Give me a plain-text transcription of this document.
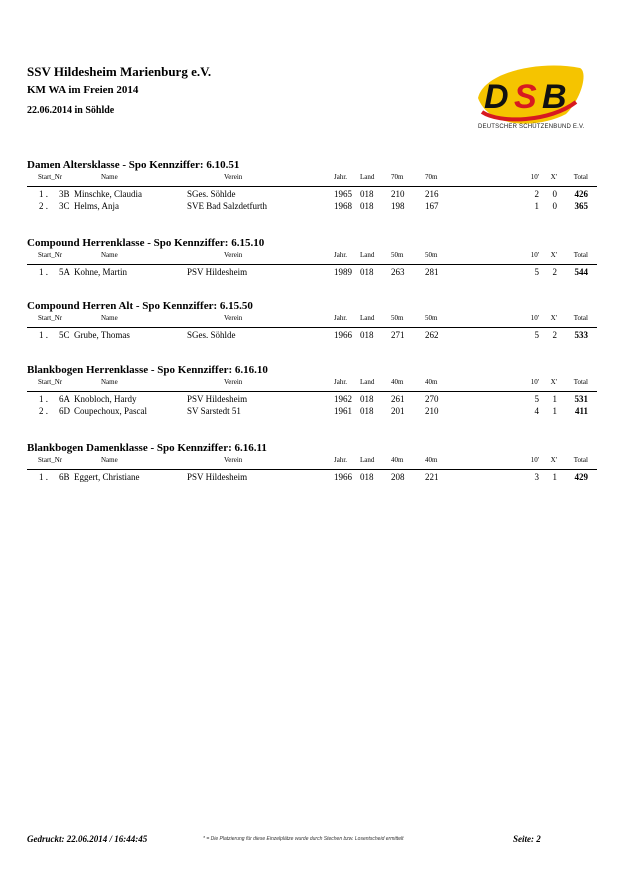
SSV Hildesheim Marienburg e.V.
KM WA im Freien 2014
22.06.2014 in Söhlde	D S B
DEUTSCHER SCHÜTZENBUND E.V.
Damen Altersklasse - Spo Kennziffer: 6.10.51
Start_Nr	Name	Verein	Jahr. Land 70m	70m	10' X' Total
1 . 3B Minschke, Claudia	SGes. Söhlde	1965 018 210 216	2 0 426
2 . 3C Helms, Anja	SVE Bad Salzdetfurth	1968 018 198 167	1 0 365
Compound Herrenklasse - Spo Kennziffer: 6.15.10
Start_Nr	Name	Verein	Jahr. Land 50m	50m	10' X' Total
1 . 5A Kohne, Martin	PSV Hildesheim	1989 018 263 281	5 2 544
Compound Herren Alt - Spo Kennziffer: 6.15.50
Start_Nr	Name	Verein	Jahr. Land 50m	50m	10' X' Total
1 . 5C Grube, Thomas	SGes. Söhlde	1966 018 271 262	5 2 533
Blankbogen Herrenklasse - Spo Kennziffer: 6.16.10
Start_Nr	Name	Verein	Jahr. Land 40m	40m	10' X' Total
1 . 6A Knobloch, Hardy	PSV Hildesheim	1962 018 261 270	5 1 531
2 . 6D Coupechoux, Pascal	SV Sarstedt 51	1961 018 201 210	4 1 411
Blankbogen Damenklasse - Spo Kennziffer: 6.16.11
Start_Nr	Name	Verein	Jahr. Land 40m	40m	10' X' Total
1 . 6B Eggert, Christiane	PSV Hildesheim	1966 018 208 221	3 1 429
Gedruckt: 22.06.2014 / 16:44:45	* = Die Platzierung für diese Einzelplätze wurde durch Stechen bzw. Losentscheid ermittelt	Seite: 2
